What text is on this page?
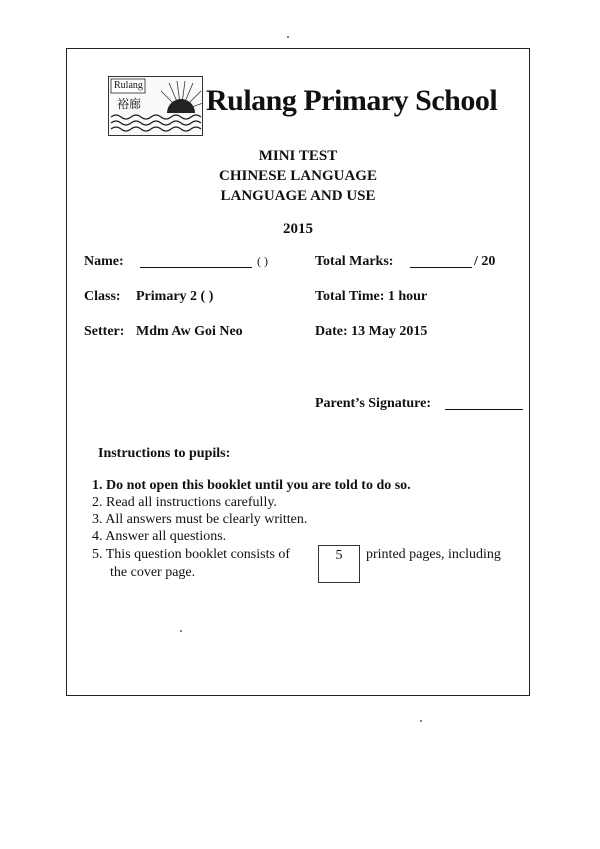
Rulang
裕廊 Rulang Primary School
MINI TEST
CHINESE LANGUAGE
LANGUAGE AND USE
2015
Name:	( )	Total Marks:	/ 20
Class: Primary 2 ( )	Total Time: 1 hour
Setter: Mdm Aw Goi Neo	Date: 13 May 2015
Parent’s Signature:
Instructions to pupils:
1. Do not open this booklet until you are told to do so.
2. Read all instructions carefully.
3. All answers must be clearly written.
4. Answer all questions.
5. This question booklet consists of	5	printed pages, including
the cover page.
